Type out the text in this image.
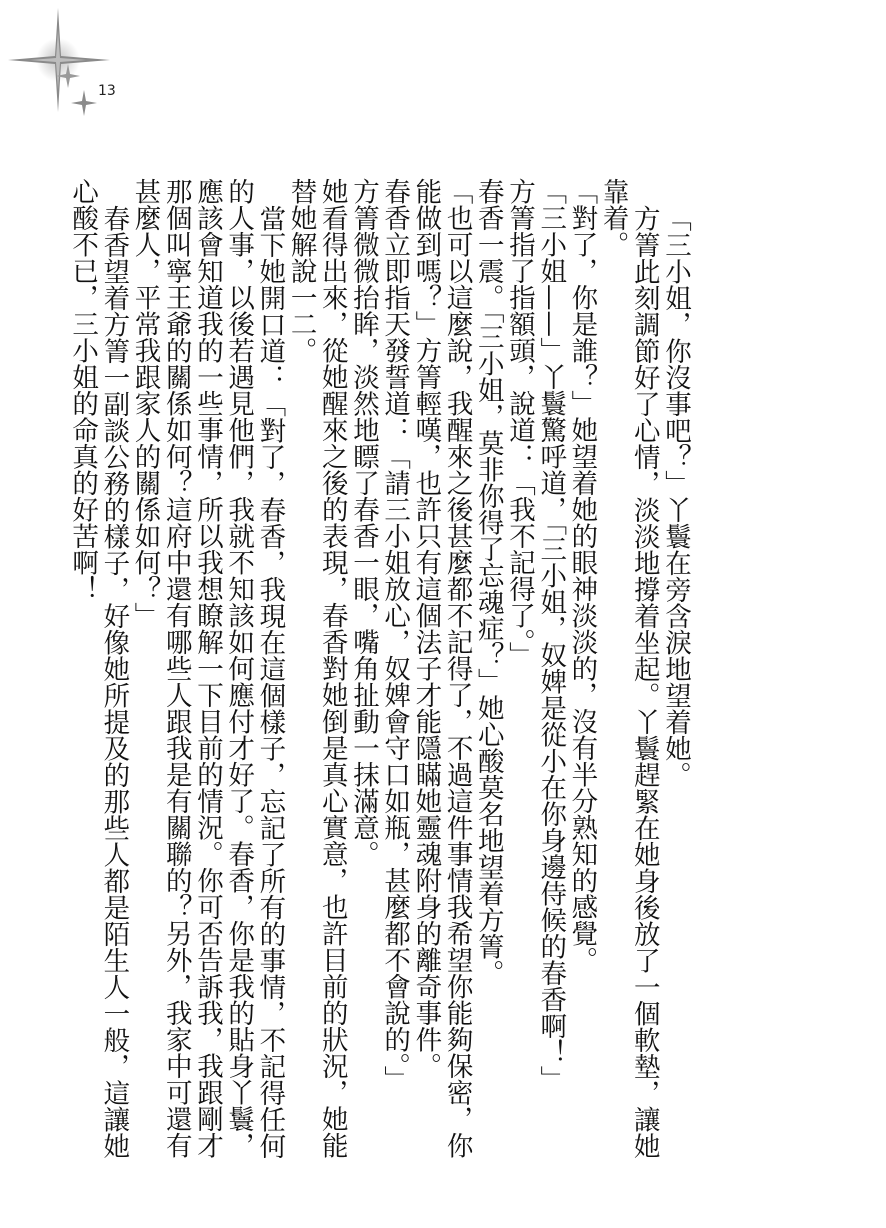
13

「三小姐，你沒事吧？」丫鬟在旁含淚地望着她。

方箐此刻調節好了心情，淡淡地撐着坐起。丫鬟趕緊在她身後放了一個軟墊，讓她靠着。

「對了，你是誰？」她望着她的眼神淡淡的，沒有半分熟知的感覺。

「三小姐——」丫鬟驚呼道，「三小姐，奴婢是從小在你身邊侍候的春香啊！」

方箐指了指額頭，說道：「我不記得了。」

春香一震。「三小姐，莫非你得了忘魂症？」她心酸莫名地望着方箐。

「也可以這麼說，我醒來之後甚麼都不記得了，不過這件事情我希望你能夠保密，你能做到嗎？」方箐輕嘆，也許只有這個法子才能隱瞞她靈魂附身的離奇事件。

春香立即指天發誓道：「請三小姐放心，奴婢會守口如瓶，甚麼都不會說的。」

方箐微微抬眸，淡然地瞟了春香一眼，嘴角扯動一抹滿意。

她看得出來，從她醒來之後的表現，春香對她倒是真心實意，也許目前的狀況，她能替她解說一二。

當下她開口道：「對了，春香，我現在這個樣子，忘記了所有的事情，不記得任何的人事，以後若遇見他們，我就不知該如何應付才好了。春香，你是我的貼身丫鬟，應該會知道我的一些事情，所以我想瞭解一下目前的情況。你可否告訴我，我跟剛才那個叫寧王爺的關係如何？這府中還有哪些人跟我是有關聯的？另外，我家中可還有甚麼人，平常我跟家人的關係如何？」

春香望着方箐一副談公務的樣子，好像她所提及的那些人都是陌生人一般，這讓她心酸不已，三小姐的命真的好苦啊！
